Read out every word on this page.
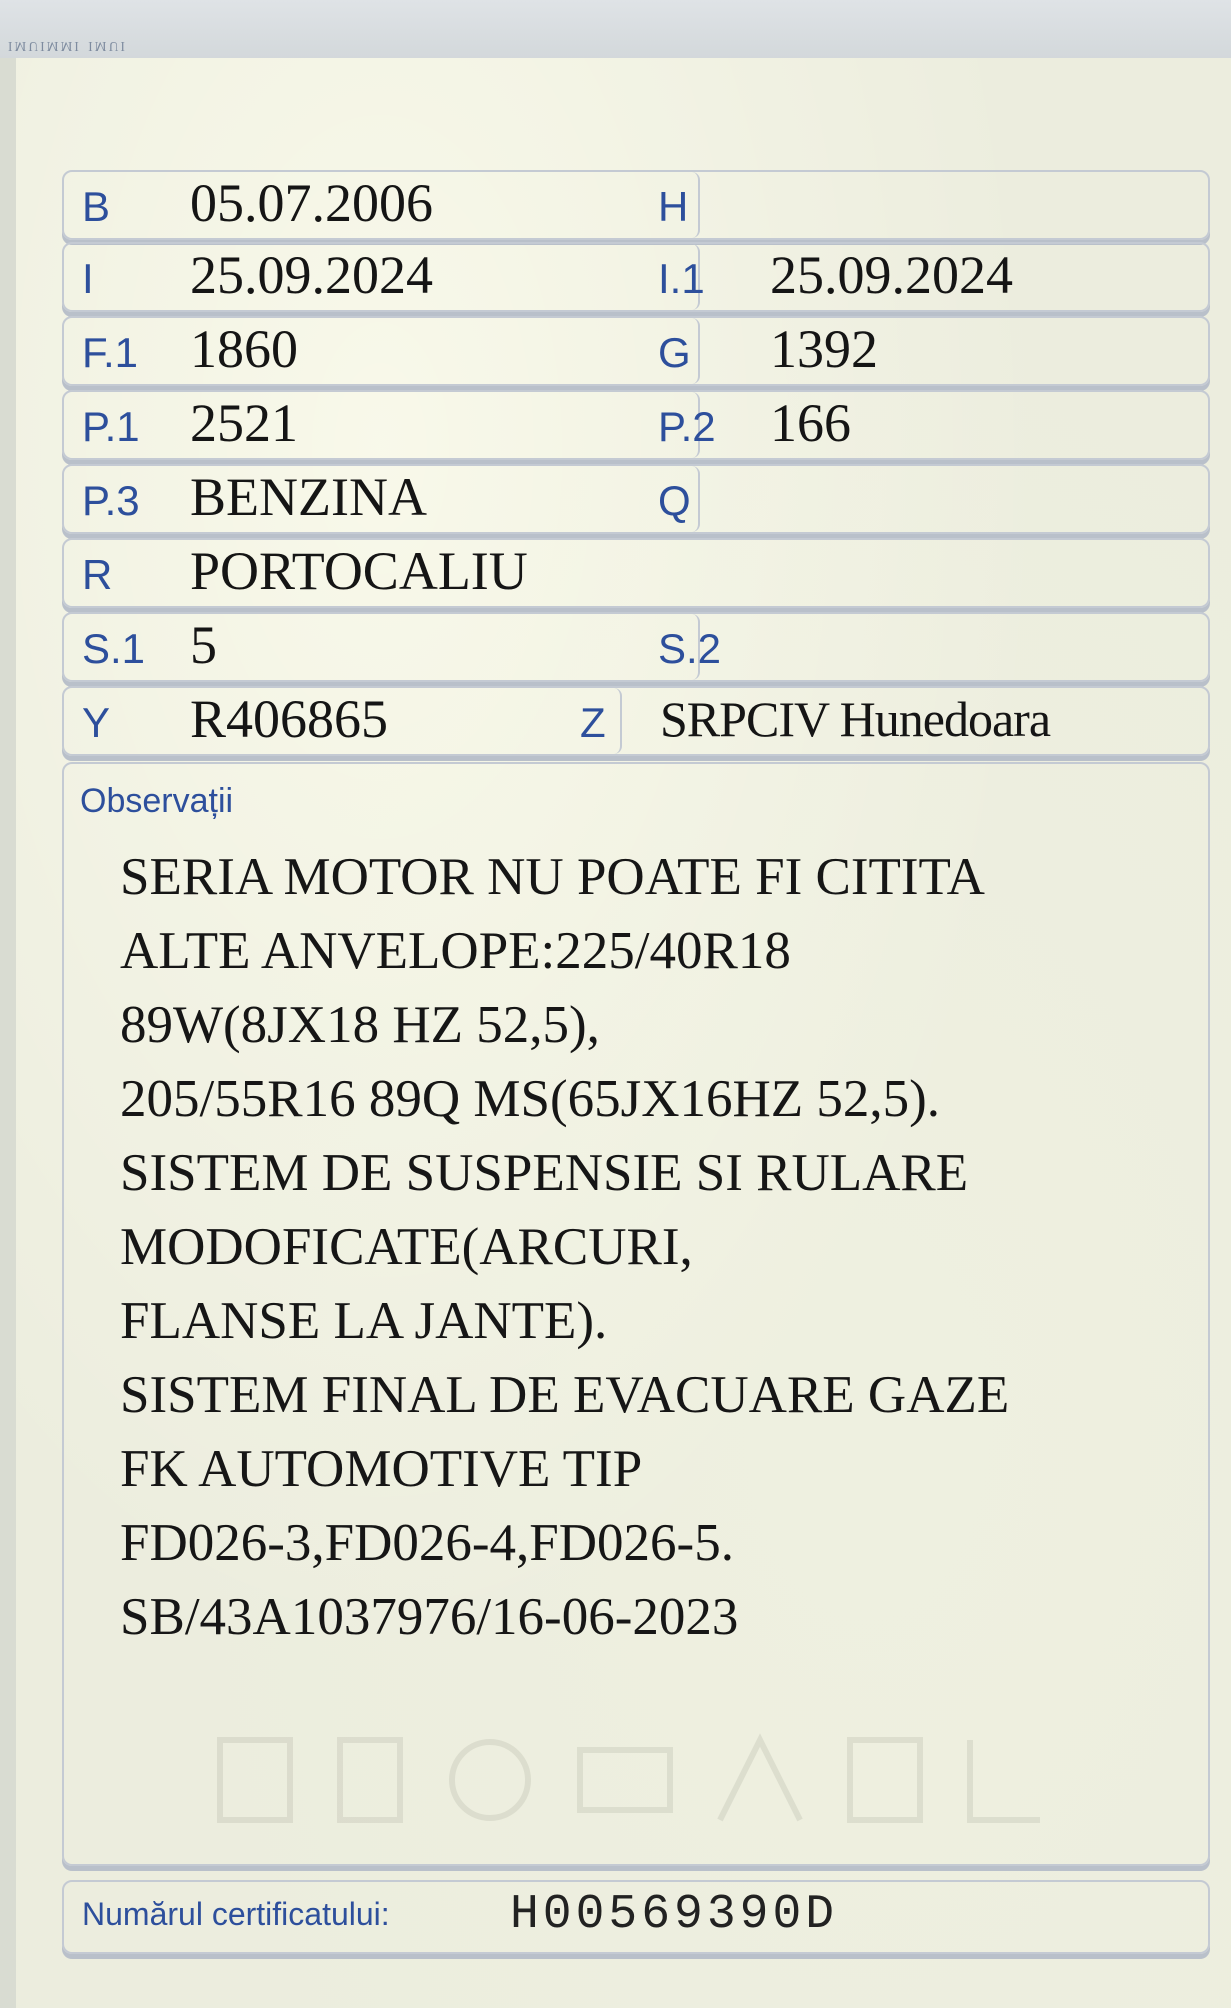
ᴵᴹᵁᴵᴹᴹᴵ ᴵᴹᵁᴵ
B 05.07.2006	H
I 25.09.2024	I.1 25.09.2024
F.1 1860	G 1392
P.1 2521	P.2 166
P.3 BENZINA	Q
R PORTOCALIU
S.1 5	S.2
Y R406865	Z SRPCIV Hunedoara
Observații
SERIA MOTOR NU POATE FI CITITA
ALTE ANVELOPE:225/40R18
89W(8JX18 HZ 52,5),
205/55R16 89Q MS(65JX16HZ 52,5).
SISTEM DE SUSPENSIE SI RULARE
MODOFICATE(ARCURI,
FLANSE LA JANTE).
SISTEM FINAL DE EVACUARE GAZE
FK AUTOMOTIVE TIP
FD026-3,FD026-4,FD026-5.
SB/43A1037976/16-06-2023
Numărul certificatului:	H00569390D
